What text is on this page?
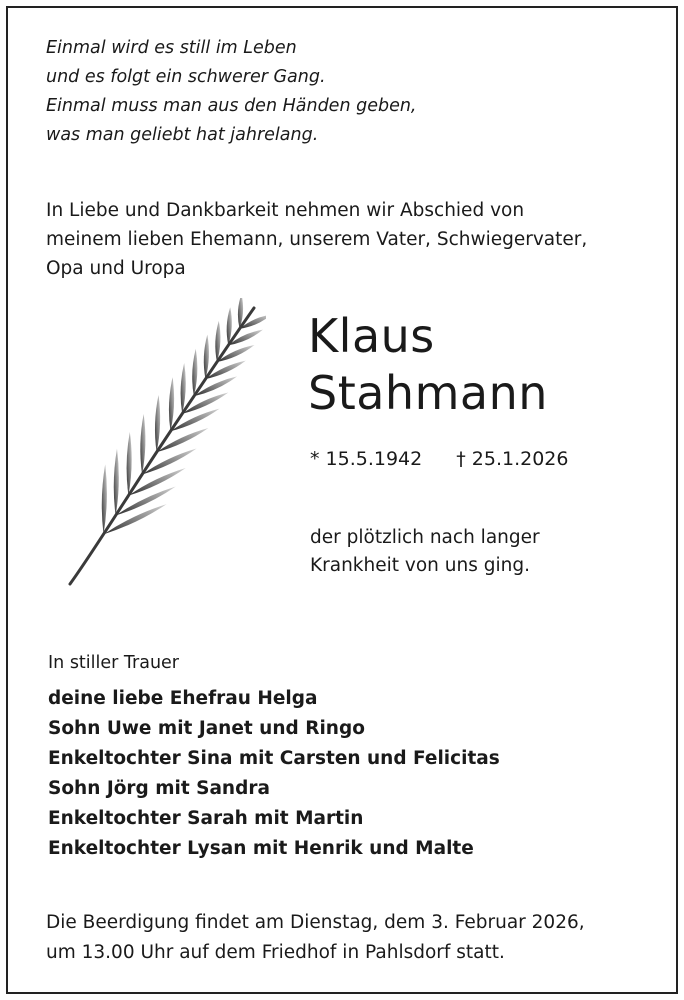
Einmal wird es still im Leben
und es folgt ein schwerer Gang.
Einmal muss man aus den Händen geben,
was man geliebt hat jahrelang.
In Liebe und Dankbarkeit nehmen wir Abschied von
meinem lieben Ehemann, unserem Vater, Schwiegervater,
Opa und Uropa
Klaus
Stahmann
* 15.5.1942 † 25.1.2026
der plötzlich nach langer
Krankheit von uns ging.
In stiller Trauer
deine liebe Ehefrau Helga
Sohn Uwe mit Janet und Ringo
Enkeltochter Sina mit Carsten und Felicitas
Sohn Jörg mit Sandra
Enkeltochter Sarah mit Martin
Enkeltochter Lysan mit Henrik und Malte
Die Beerdigung findet am Dienstag, dem 3. Februar 2026,
um 13.00 Uhr auf dem Friedhof in Pahlsdorf statt.
